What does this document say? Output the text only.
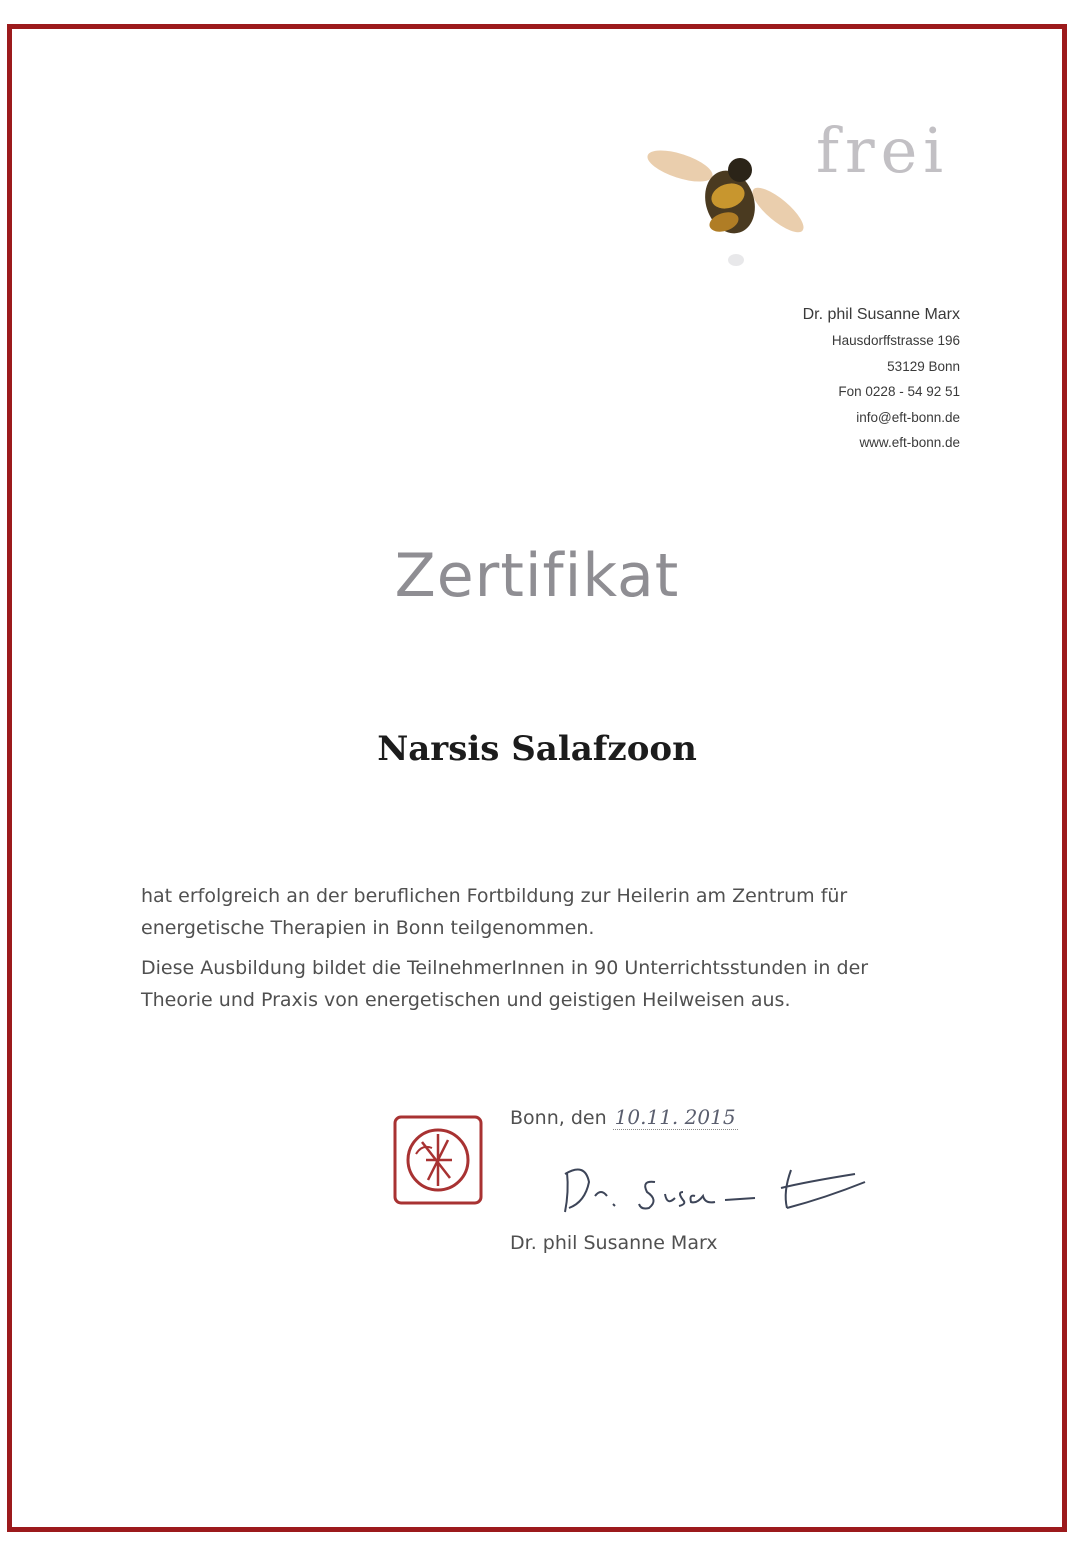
frei
Dr. phil Susanne Marx
Hausdorffstrasse 196
53129 Bonn
Fon 0228 - 54 92 51
info@eft-bonn.de
www.eft-bonn.de
Zertifikat
Narsis Salafzoon
hat erfolgreich an der beruflichen Fortbildung zur Heilerin am Zentrum für energetische Therapien in Bonn teilgenommen.
Diese Ausbildung bildet die TeilnehmerInnen in 90 Unterrichtsstunden in der Theorie und Praxis von energetischen und geistigen Heilweisen aus.
Bonn, den 10.11. 2015
Dr. phil Susanne Marx
